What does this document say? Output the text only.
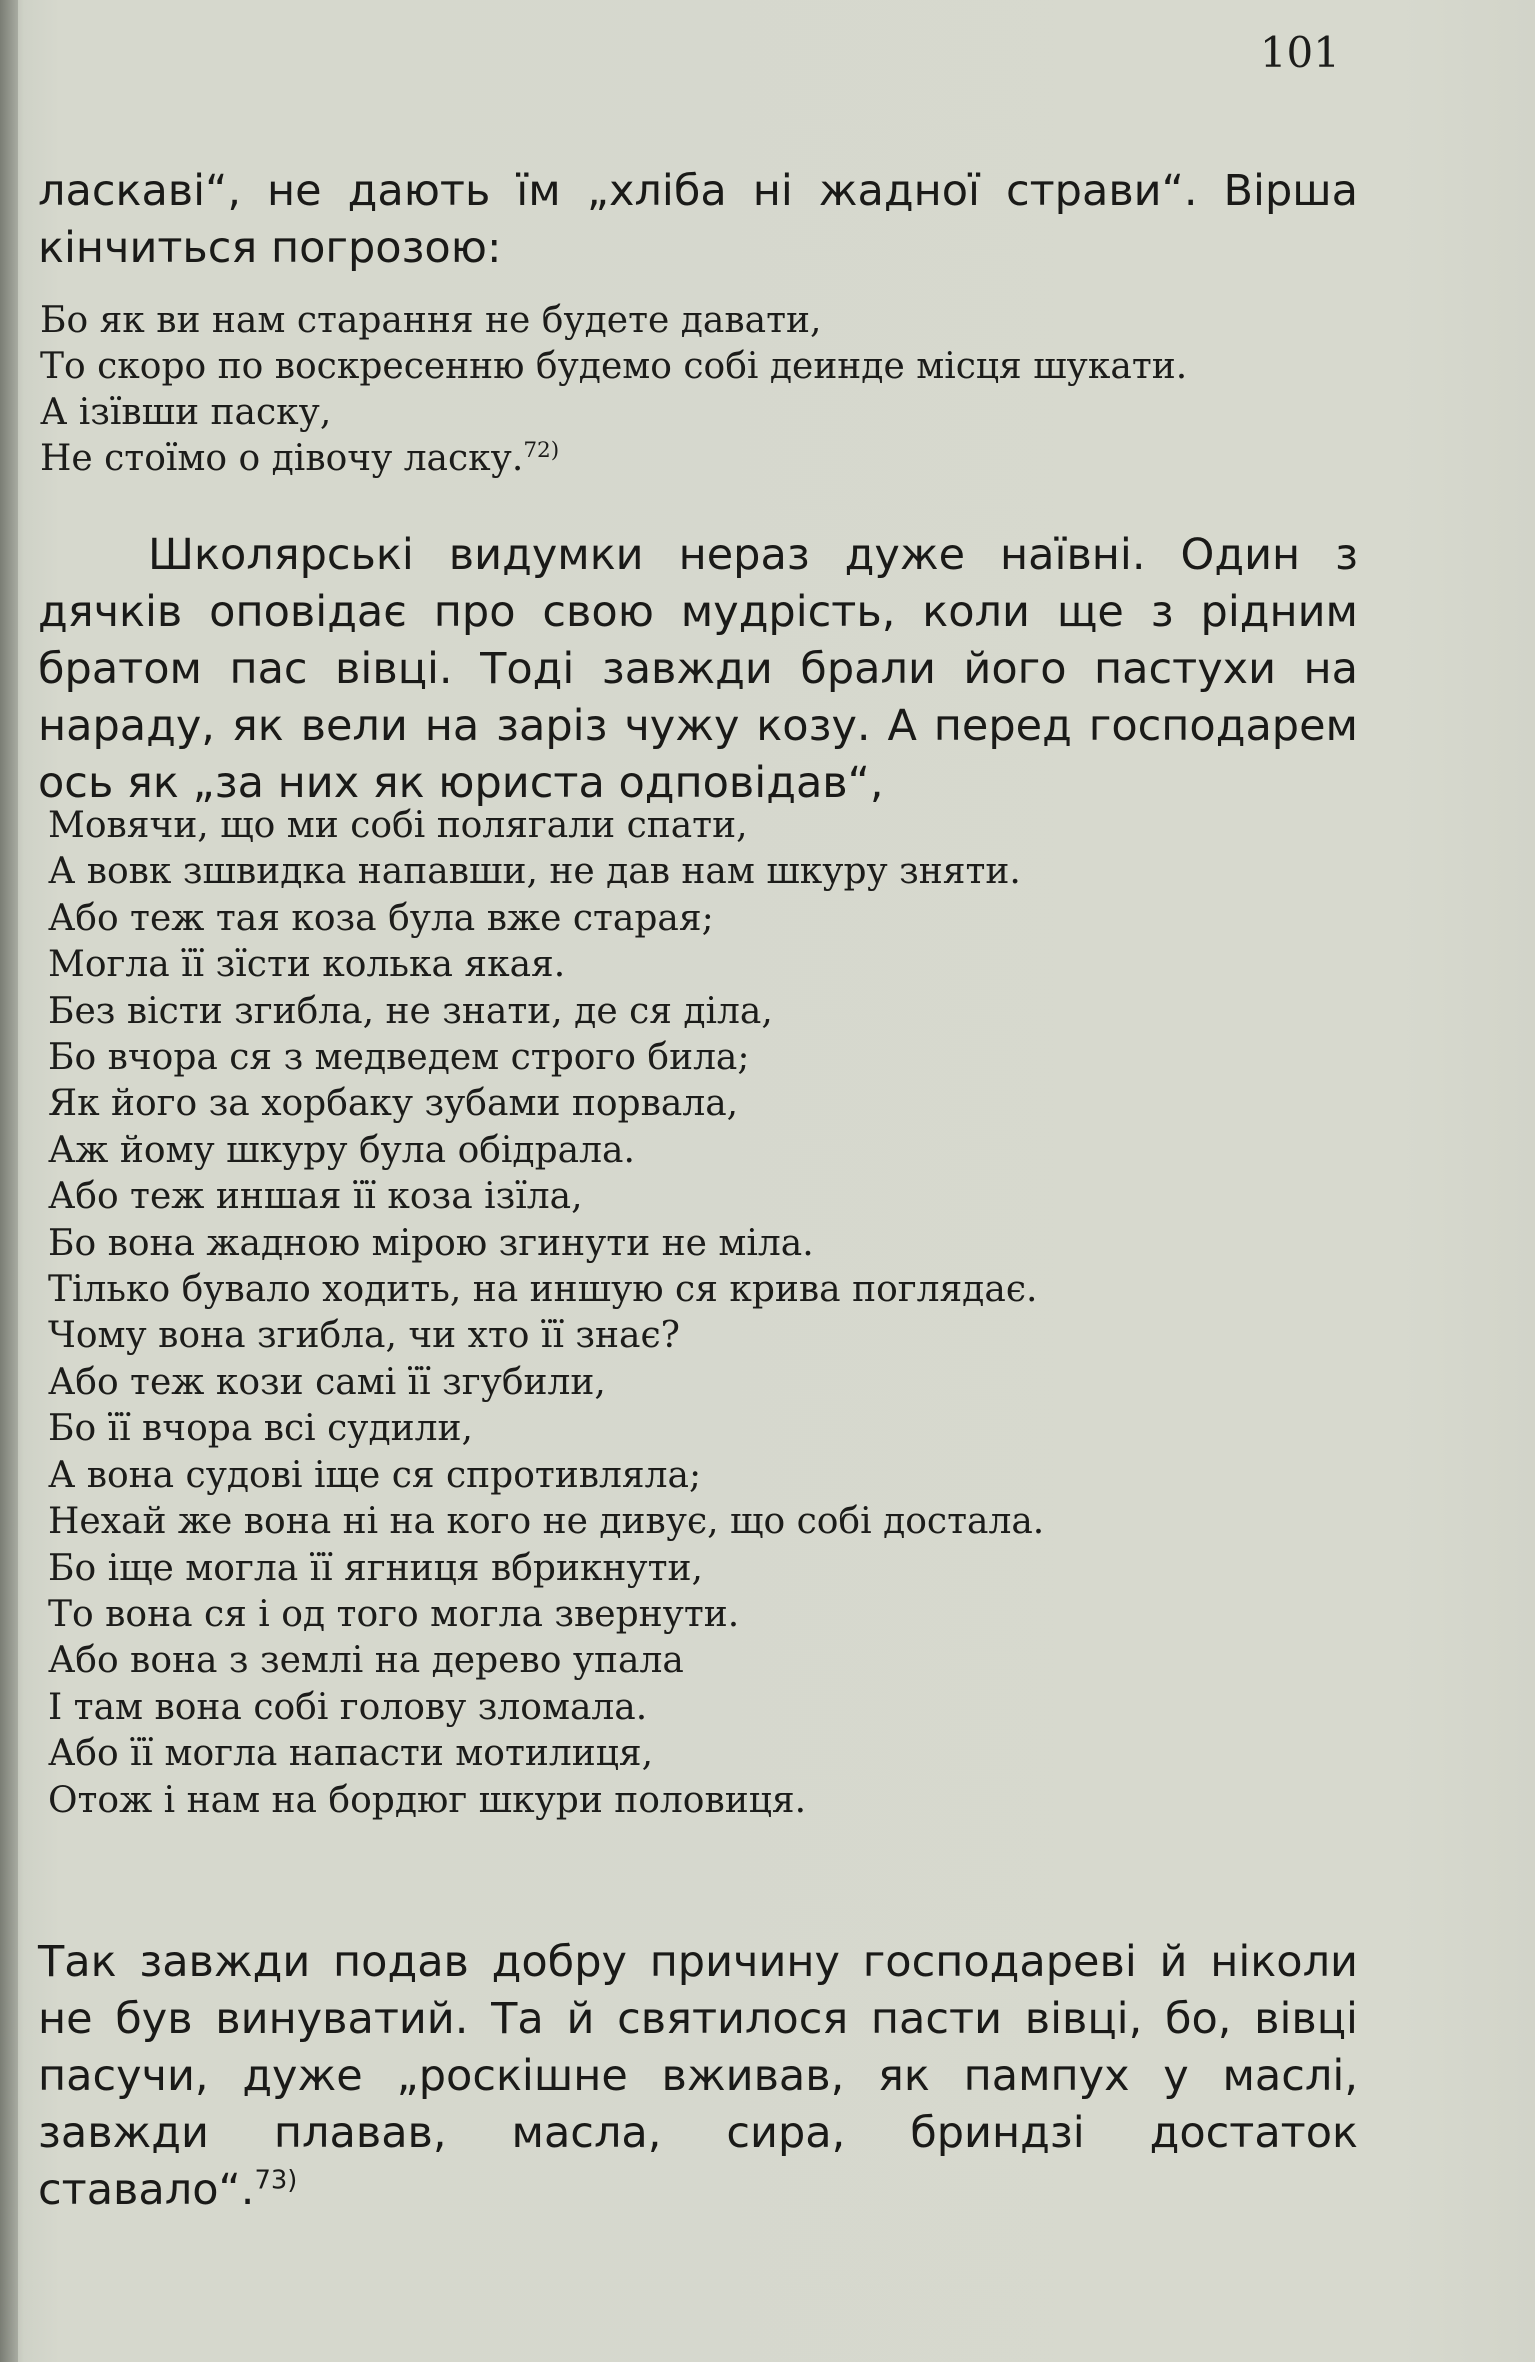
101

ласкаві“, не дають їм „хліба ні жадної страви“. Вірша кінчиться погрозою:

Бо як ви нам старання не будете давати,
То скоро по воскресенню будемо собі деинде місця шукати.
А ізївши паску,
Не стоїмо о дівочу ласку.$^{72)}$

Школярські видумки нераз дуже наївні. Один з дячків оповідає про свою мудрість, коли ще з рідним братом пас вівці. Тоді завжди брали його пастухи на нараду, як вели на заріз чужу козу. А перед господарем ось як „за них як юриста одповідав“,

Мовячи, що ми собі полягали спати,
А вовк зшвидка напавши, не дав нам шкуру зняти.
Або теж тая коза була вже старая;
Могла її зїсти колька якая.
Без вісти згибла, не знати, де ся діла,
Бо вчора ся з медведем строго била;
Як його за хорбаку зубами порвала,
Аж йому шкуру була обідрала.
Або теж иншая її коза ізїла,
Бо вона жадною мірою згинути не міла.
Тілько бувало ходить, на иншую ся крива поглядає.
Чому вона згибла, чи хто її знає?
Або теж кози самі її згубили,
Бо її вчора всі судили,
А вона судові іще ся спротивляла;
Нехай же вона ні на кого не дивує, що собі достала.
Бо іще могла її ягниця вбрикнути,
То вона ся і од того могла звернути.
Або вона з землі на дерево упала
І там вона собі голову зломала.
Або її могла напасти мотилиця,
Отож і нам на бордюг шкури половиця.

Так завжди подав добру причину господареві й ніколи не був винуватий. Та й святилося пасти вівці, бо, вівці пасучи, дуже „роскішне вживав, як пампух у маслі, завжди плавав, масла, сира, бриндзі достаток ставало“.$^{73)}$
